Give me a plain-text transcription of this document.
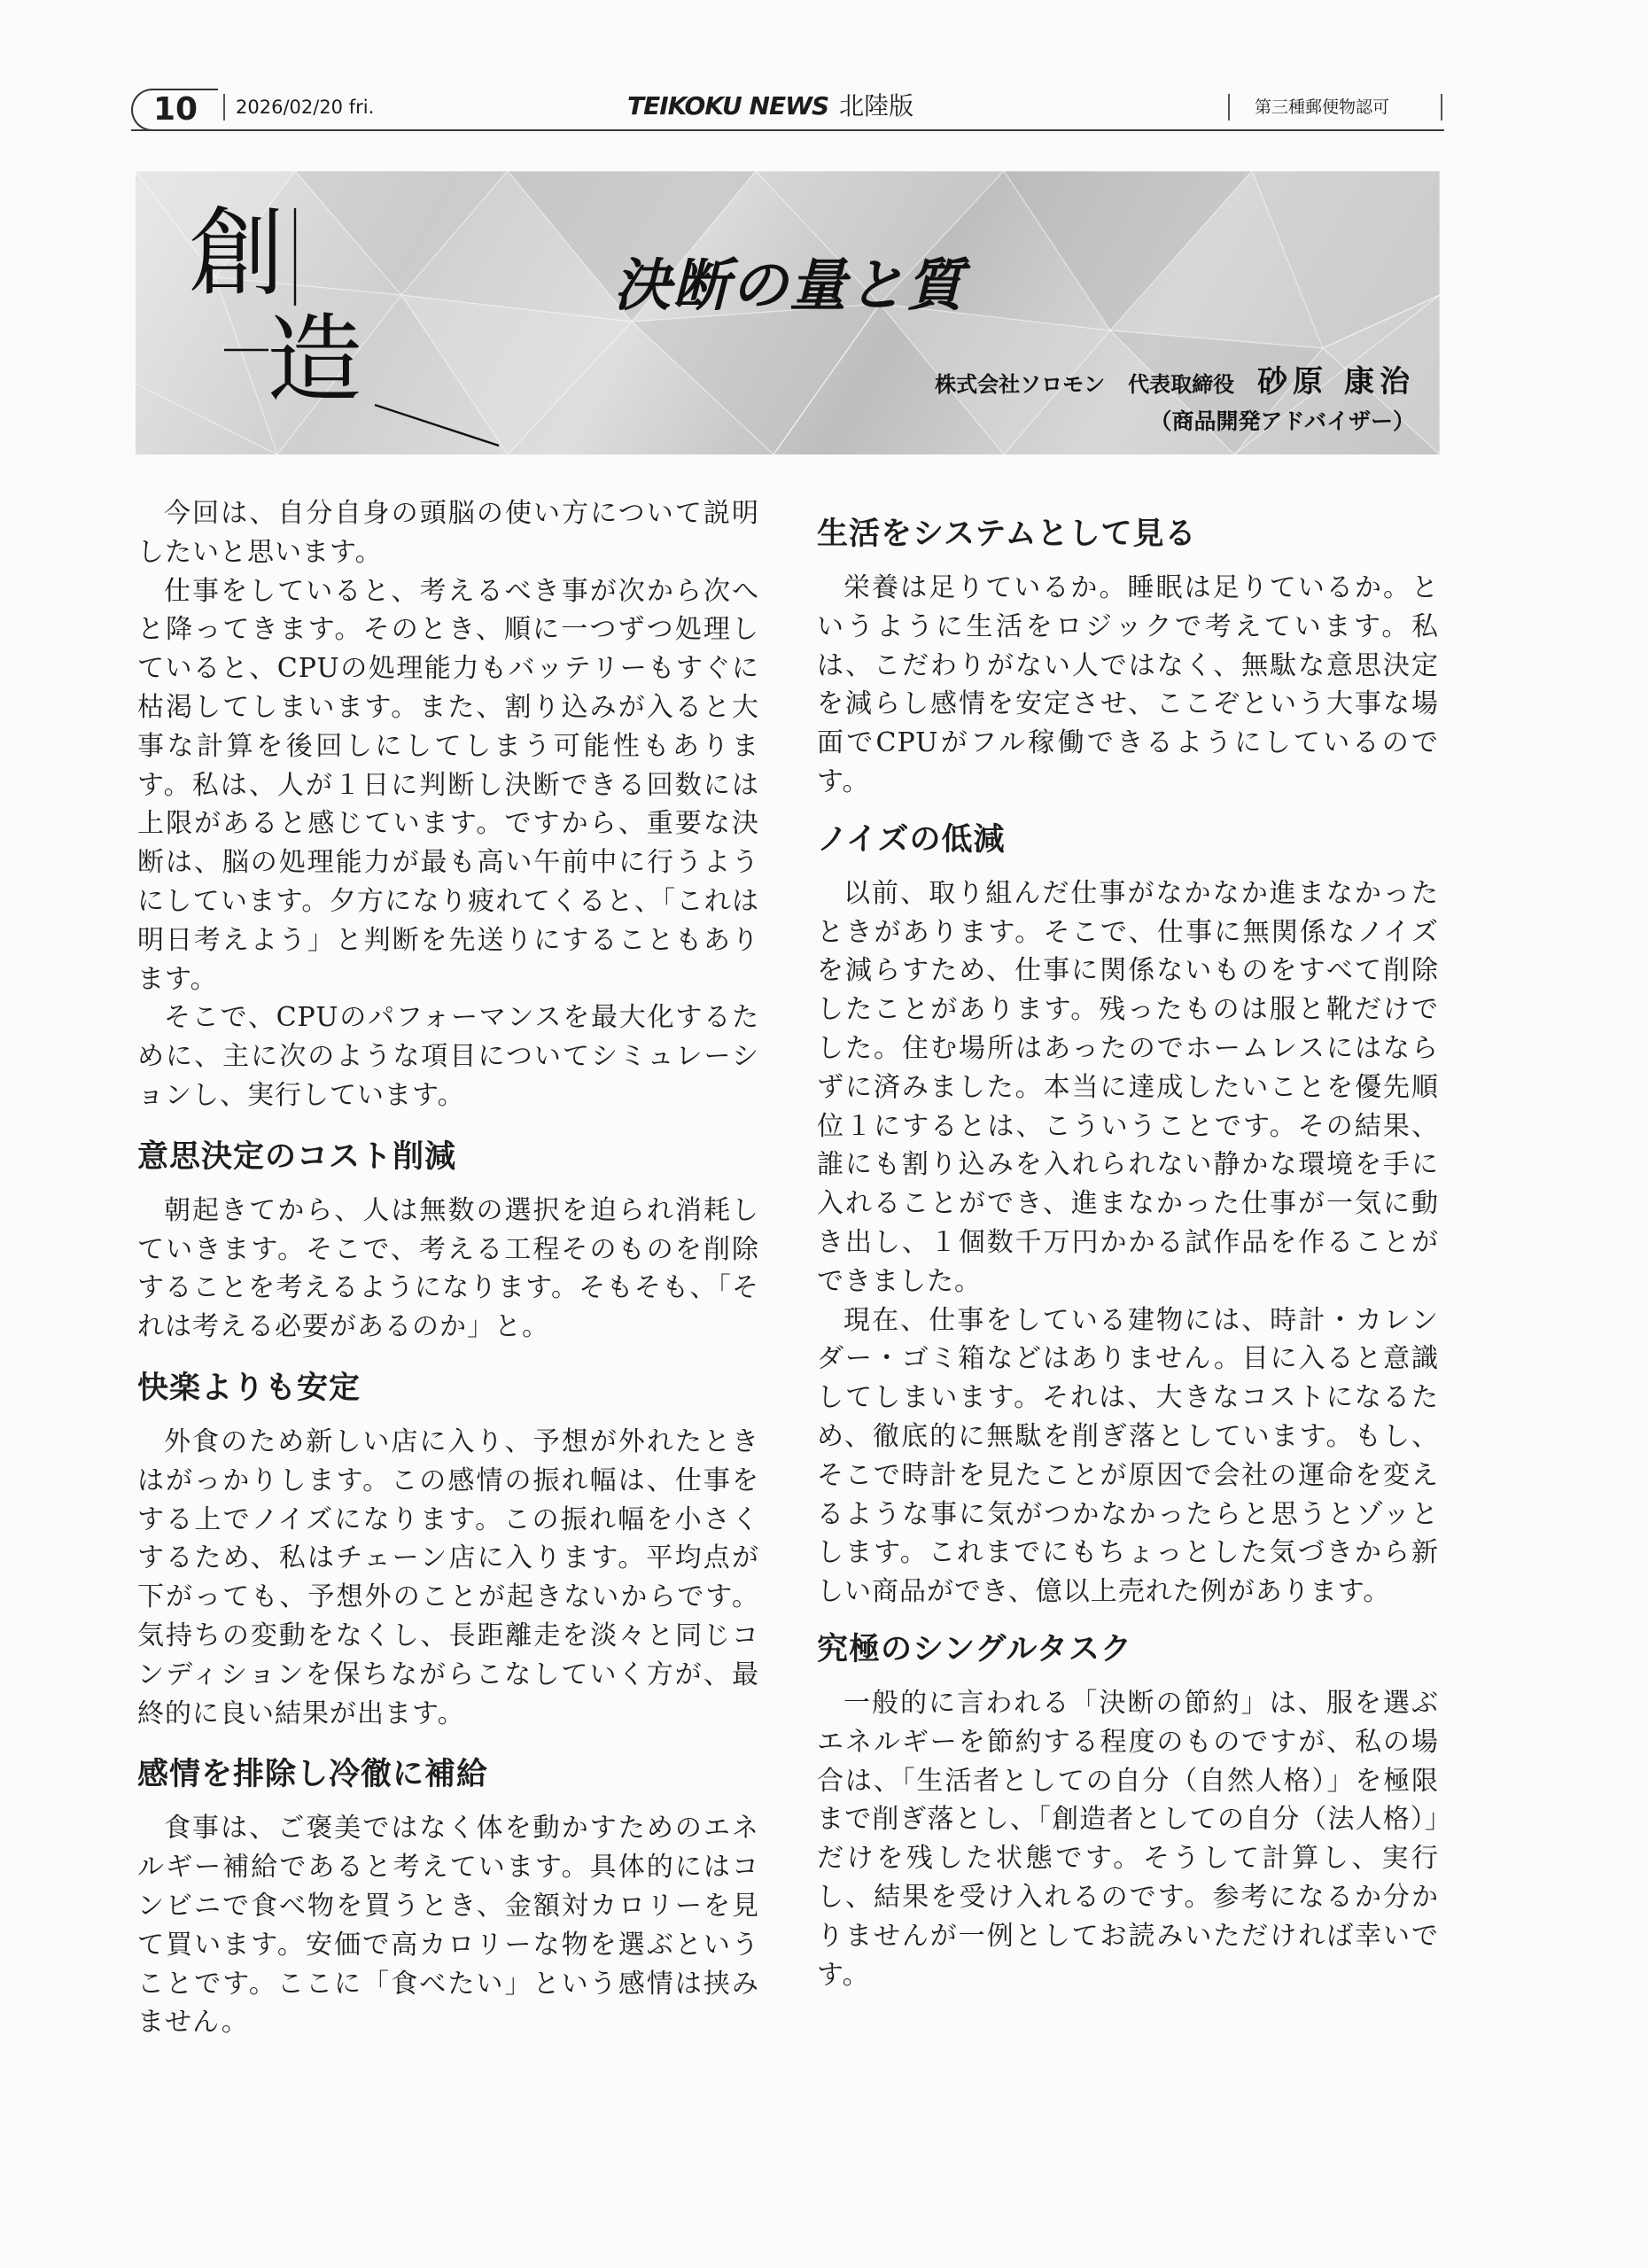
10	2026/02/20 fri.	TEIKOKU NEWS 北陸版	第三種郵便物認可
創
造
決断の量と質
株式会社ソロモン 代表取締役 砂原 康治
（商品開発アドバイザー）

今回は、自分自身の頭脳の使い方について説明したいと思います。

仕事をしていると、考えるべき事が次から次へと降ってきます。そのとき、順に一つずつ処理していると、CPUの処理能力もバッテリーもすぐに枯渇してしまいます。また、割り込みが入ると大事な計算を後回しにしてしまう可能性もあります。私は、人が１日に判断し決断できる回数には上限があると感じています。ですから、重要な決断は、脳の処理能力が最も高い午前中に行うようにしています。夕方になり疲れてくると、「これは明日考えよう」と判断を先送りにすることもあります。

そこで、CPUのパフォーマンスを最大化するために、主に次のような項目についてシミュレーションし、実行しています。

意思決定のコスト削減

朝起きてから、人は無数の選択を迫られ消耗していきます。そこで、考える工程そのものを削除することを考えるようになります。そもそも、「それは考える必要があるのか」と。

快楽よりも安定

外食のため新しい店に入り、予想が外れたときはがっかりします。この感情の振れ幅は、仕事をする上でノイズになります。この振れ幅を小さくするため、私はチェーン店に入ります。平均点が下がっても、予想外のことが起きないからです。気持ちの変動をなくし、長距離走を淡々と同じコンディションを保ちながらこなしていく方が、最終的に良い結果が出ます。

感情を排除し冷徹に補給

食事は、ご褒美ではなく体を動かすためのエネルギー補給であると考えています。具体的にはコンビニで食べ物を買うとき、金額対カロリーを見て買います。安価で高カロリーな物を選ぶということです。ここに「食べたい」という感情は挟みません。

生活をシステムとして見る

栄養は足りているか。睡眠は足りているか。というように生活をロジックで考えています。私は、こだわりがない人ではなく、無駄な意思決定を減らし感情を安定させ、ここぞという大事な場面でCPUがフル稼働できるようにしているのです。

ノイズの低減

以前、取り組んだ仕事がなかなか進まなかったときがあります。そこで、仕事に無関係なノイズを減らすため、仕事に関係ないものをすべて削除したことがあります。残ったものは服と靴だけでした。住む場所はあったのでホームレスにはならずに済みました。本当に達成したいことを優先順位１にするとは、こういうことです。その結果、誰にも割り込みを入れられない静かな環境を手に入れることができ、進まなかった仕事が一気に動き出し、１個数千万円かかる試作品を作ることができました。

現在、仕事をしている建物には、時計・カレンダー・ゴミ箱などはありません。目に入ると意識してしまいます。それは、大きなコストになるため、徹底的に無駄を削ぎ落としています。もし、そこで時計を見たことが原因で会社の運命を変えるような事に気がつかなかったらと思うとゾッとします。これまでにもちょっとした気づきから新しい商品ができ、億以上売れた例があります。

究極のシングルタスク

一般的に言われる「決断の節約」は、服を選ぶエネルギーを節約する程度のものですが、私の場合は、「生活者としての自分（自然人格）」を極限まで削ぎ落とし、「創造者としての自分（法人格）」だけを残した状態です。そうして計算し、実行し、結果を受け入れるのです。参考になるか分かりませんが一例としてお読みいただければ幸いです。
